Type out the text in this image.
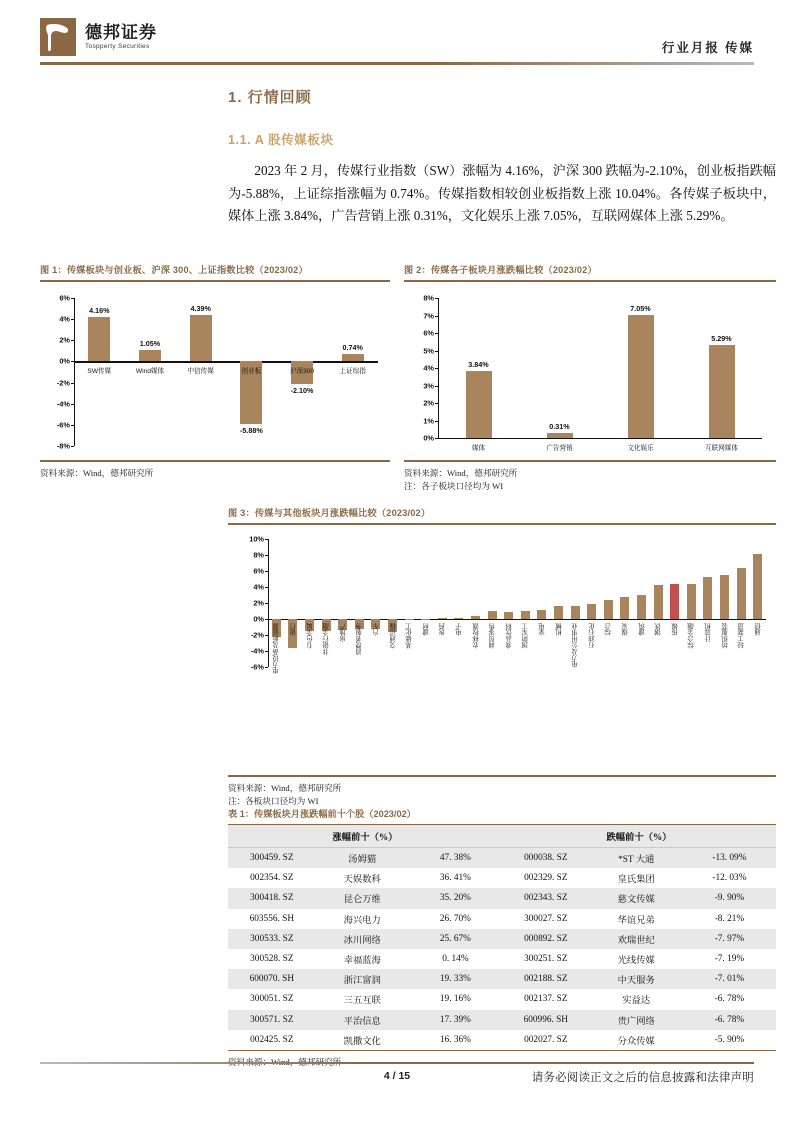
德邦证券
Tospperty Securities	行业月报 传媒
1. 行情回顾
1.1. A 股传媒板块
2023 年 2 月，传媒行业指数（SW）涨幅为 4.16%，沪深 300 跌幅为-2.10%，创业板指跌幅为-5.88%，上证综指涨幅为 0.74%。传媒指数相较创业板指数上涨 10.04%。各传媒子板块中，媒体上涨 3.84%，广告营销上涨 0.31%，文化娱乐上涨 7.05%，互联网媒体上涨 5.29%。
图 1：传媒板块与创业板、沪深 300、上证指数比较（2023/02）
-8%
-6%
-4%
-2%
0%
2%
4%
6%
4.16%
SW传媒
1.05%
Wind媒体
4.39%
中信传媒
-5.88%
创业板
-2.10%
沪深300
0.74%
上证综指
资料来源：Wind，德邦研究所
图 2：传媒各子板块月涨跌幅比较（2023/02）
0%
1%
2%
3%
4%
5%
6%
7%
8%
3.84%
媒体
0.31%
广告营销
7.05%
文化娱乐
5.29%
互联网媒体
资料来源：Wind，德邦研究所
注：各子板块口径均为 WI
图 3：传媒与其他板块月涨跌幅比较（2023/02）
-6%
-4%
-2%
0%
2%
4%
6%
8%
10%
电力设备及新能源 银行 有色金属 非银行金融 房地产 消费者服务 汽车 交通运输 基础化工 建材 医药 电子 农林牧渔 商贸零售 食品饮料 国防军工 家电 机械 电力及公用事业 石油石化 综合 煤炭 建筑 钢铁 传媒 综合金融 计算机 纺织服装 轻工制造 通信
资料来源：Wind，德邦研究所
注：各板块口径均为 WI
表 1：传媒板块月涨跌幅前十个股（2023/02）
涨幅前十（%）			跌幅前十（%）		
300459. SZ	汤姆猫	47. 38%	000038. SZ	*ST 大通	-13. 09%
002354. SZ	天娱数科	36. 41%	002329. SZ	皇氏集团	-12. 03%
300418. SZ	昆仑万维	35. 20%	002343. SZ	慈文传媒	-9. 90%
603556. SH	海兴电力	26. 70%	300027. SZ	华谊兄弟	-8. 21%
300533. SZ	冰川网络	25. 67%	000892. SZ	欢瑞世纪	-7. 97%
300528. SZ	幸福蓝海	0. 14%	300251. SZ	光线传媒	-7. 19%
600070. SH	浙江富润	19. 33%	002188. SZ	中天服务	-7. 01%
300051. SZ	三五互联	19. 16%	002137. SZ	实益达	-6. 78%
300571. SZ	平治信息	17. 39%	600996. SH	贵广网络	-6. 78%
002425. SZ	凯撒文化	16. 36%	002027. SZ	分众传媒	-5. 90%
4 / 15	请务必阅读正文之后的信息披露和法律声明
